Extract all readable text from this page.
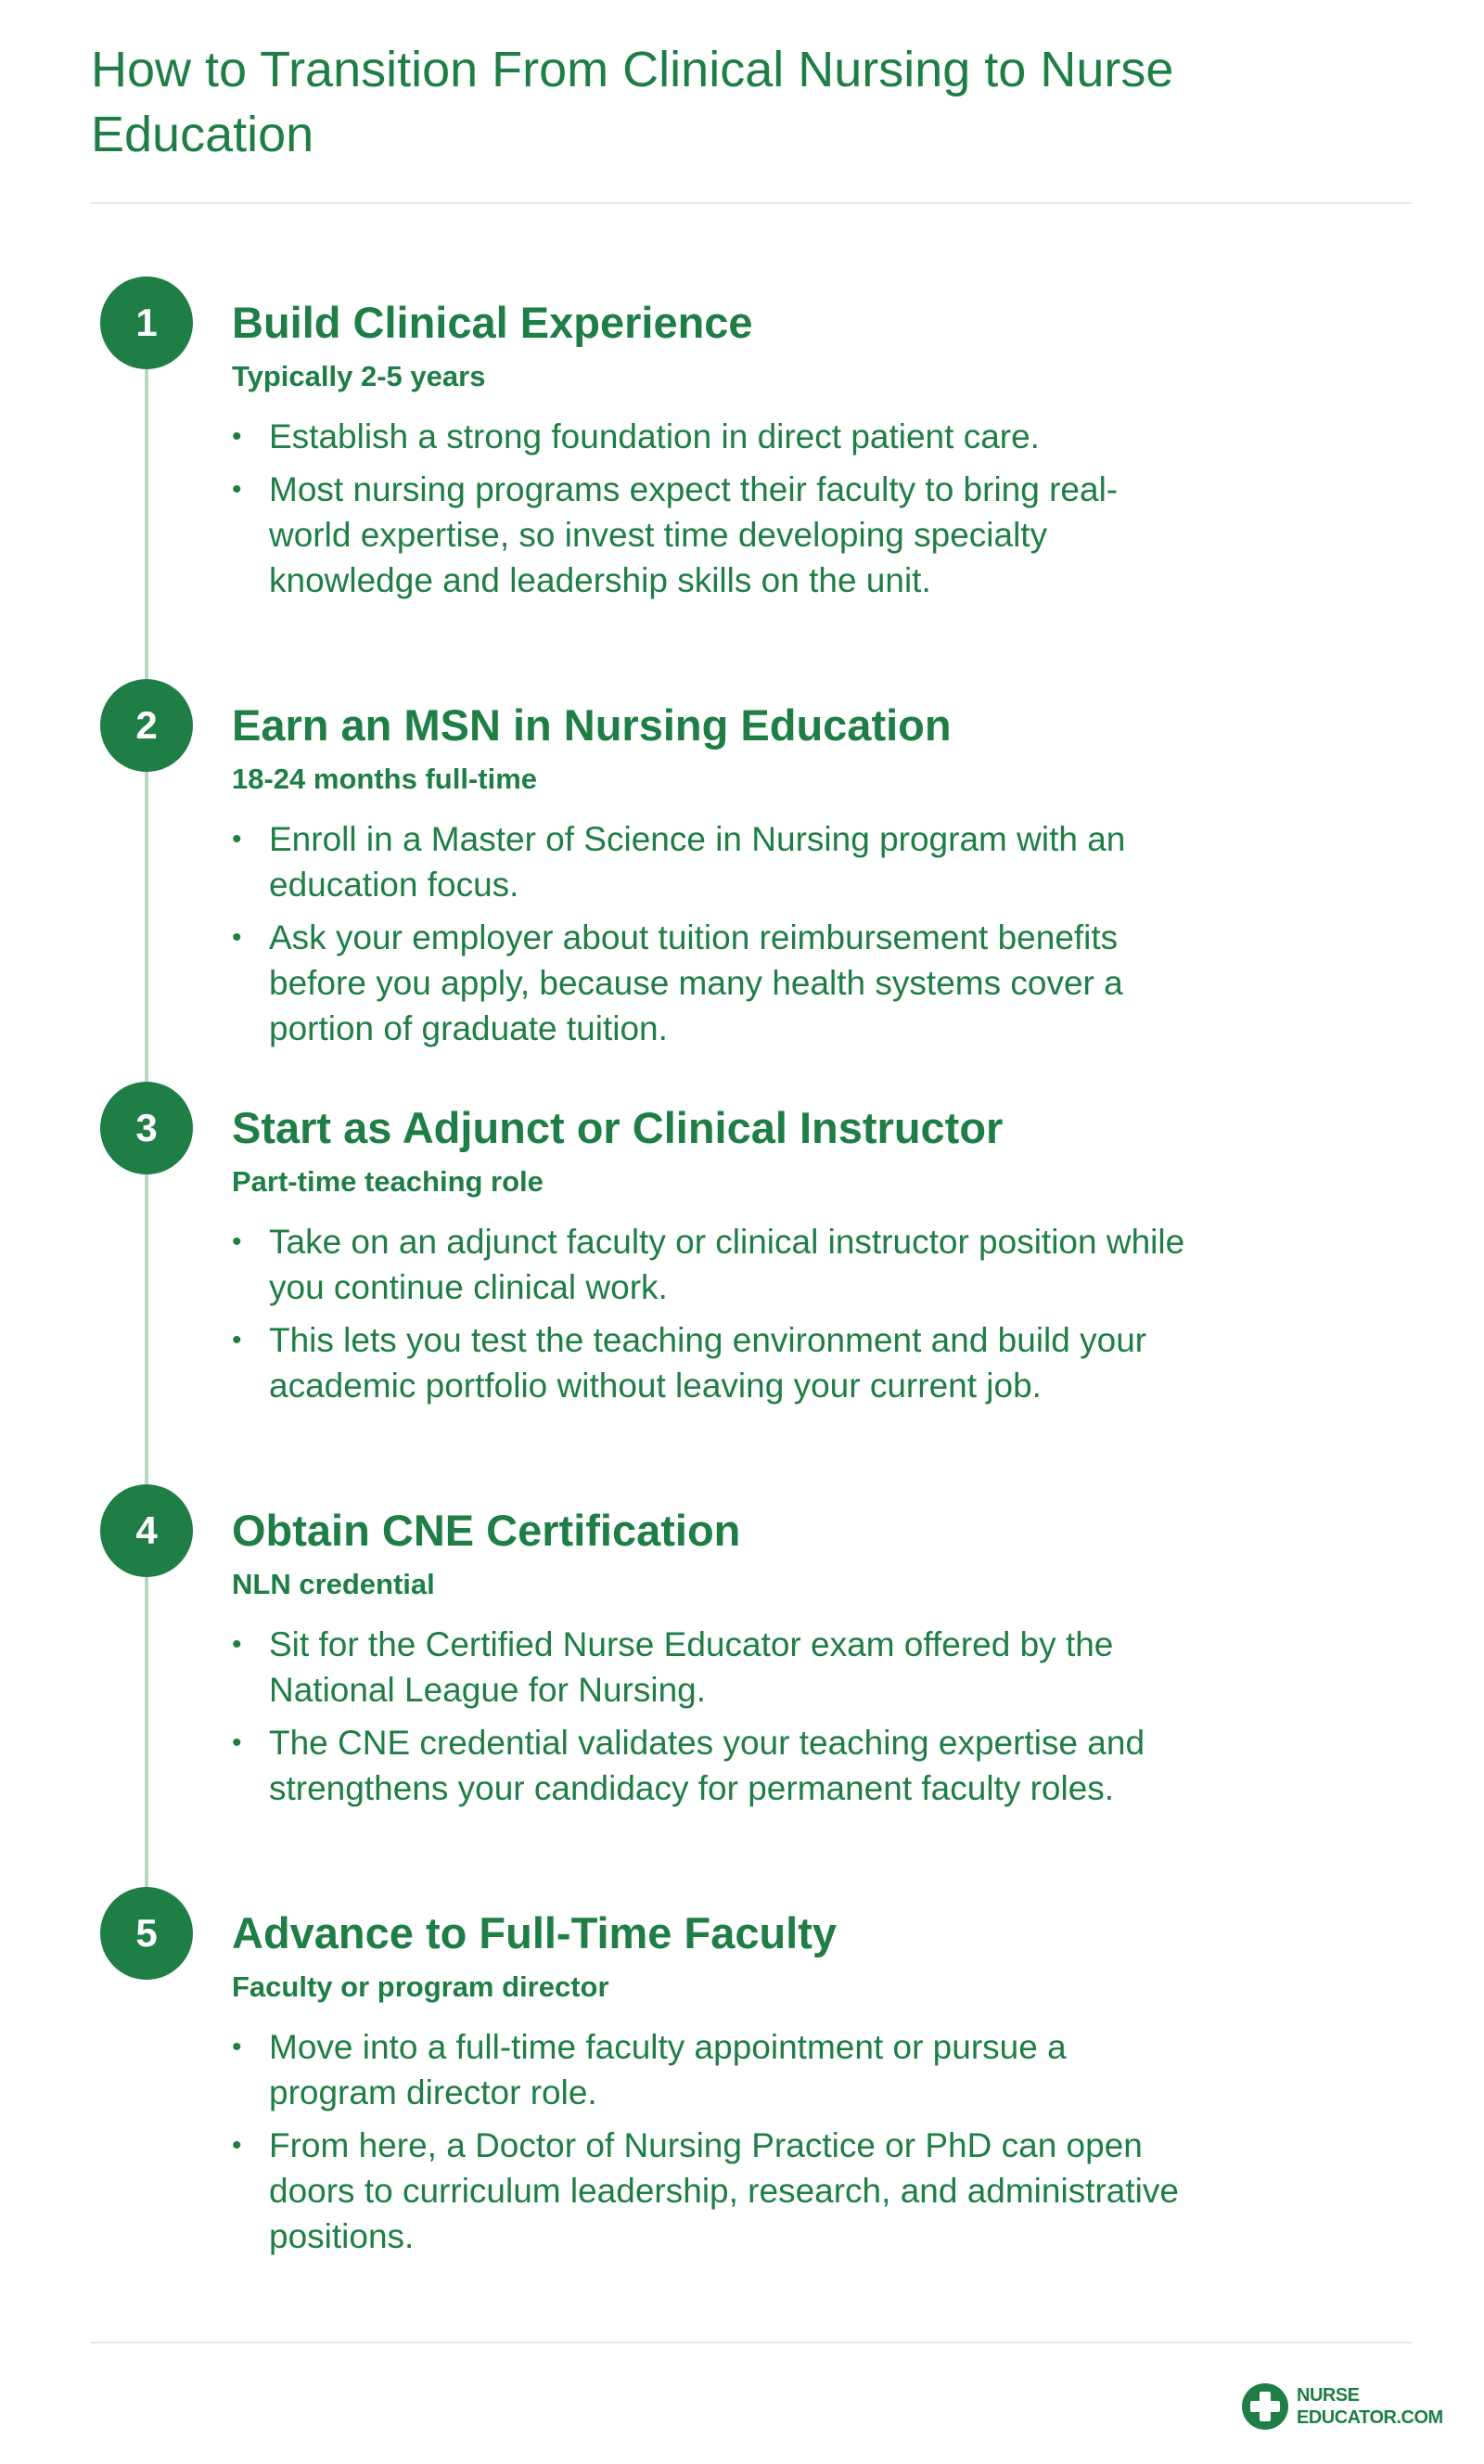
How to Transition From Clinical Nursing to Nurse Education
1	Build Clinical Experience
Typically 2-5 years
• Establish a strong foundation in direct patient care.
• Most nursing programs expect their faculty to bring real-world expertise, so invest time developing specialty knowledge and leadership skills on the unit.
2	Earn an MSN in Nursing Education
18-24 months full-time
• Enroll in a Master of Science in Nursing program with an education focus.
• Ask your employer about tuition reimbursement benefits before you apply, because many health systems cover a portion of graduate tuition.
3	Start as Adjunct or Clinical Instructor
Part-time teaching role
• Take on an adjunct faculty or clinical instructor position while you continue clinical work.
• This lets you test the teaching environment and build your academic portfolio without leaving your current job.
4	Obtain CNE Certification
NLN credential
• Sit for the Certified Nurse Educator exam offered by the National League for Nursing.
• The CNE credential validates your teaching expertise and strengthens your candidacy for permanent faculty roles.
5	Advance to Full-Time Faculty
Faculty or program director
• Move into a full-time faculty appointment or pursue a program director role.
• From here, a Doctor of Nursing Practice or PhD can open doors to curriculum leadership, research, and administrative positions.
NURSE
EDUCATOR.COM
